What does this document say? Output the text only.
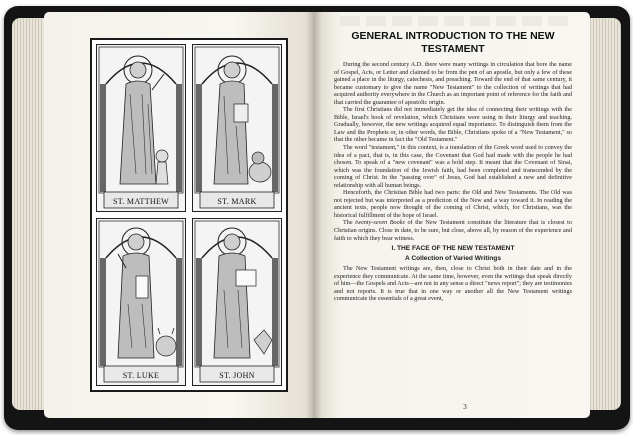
ST. MATTHEW	ST. MARK
ST. LUKE	ST. JOHN
GENERAL INTRODUCTION TO THE NEW TESTAMENT

During the second century A.D. there were many writings in circulation that bore the name of Gospel, Acts, or Letter and claimed to be from the pen of an apostle, but only a few of these gained a place in the liturgy, catechesis, and preaching. Toward the end of that same century, it became customary to give the name "New Testament" to the collection of writings that had acquired authority everywhere in the Church as an important point of reference for the faith and that carried the guarantee of apostolic origin.

The first Christians did not immediately get the idea of connecting their writings with the Bible, Israel's book of revelation, which Christians were using in their liturgy and teaching. Gradually, however, the new writings acquired equal importance. To distinguish them from the Law and the Prophets or, in other words, the Bible, Christians spoke of a "New Testament," so that the other became in fact the "Old Testament."

The word "testament," in this context, is a translation of the Greek word used to convey the idea of a pact, that is, in this case, the Covenant that God had made with the people he had chosen. To speak of a "new covenant" was a bold step. It meant that the Covenant of Sinai, which was the foundation of the Jewish faith, had been completed and transcended by the coming of Christ. In the "passing over" of Jesus, God had established a new and definitive relationship with all human beings.

Henceforth, the Christian Bible had two parts: the Old and New Testaments. The Old was not rejected but was interpreted as a prediction of the New and a way toward it. In reading the ancient texts, people now thought of the coming of Christ, which, for Christians, was the historical fulfillment of the hope of Israel.

The twenty-seven Books of the New Testament constitute the literature that is closest to Christian origins. Close in date, to be sure, but close, above all, by reason of the experience and faith to which they bear witness.

I. THE FACE OF THE NEW TESTAMENT
A Collection of Varied Writings

The New Testament writings are, then, close to Christ both in their date and in the experience they communicate. At the same time, however, even the writings that speak directly of him—the Gospels and Acts—are not in any sense a direct "news report"; they are testimonies and not reports. It is true that in one way or another all the New Testament writings communicate the essentials of a great event,

3
